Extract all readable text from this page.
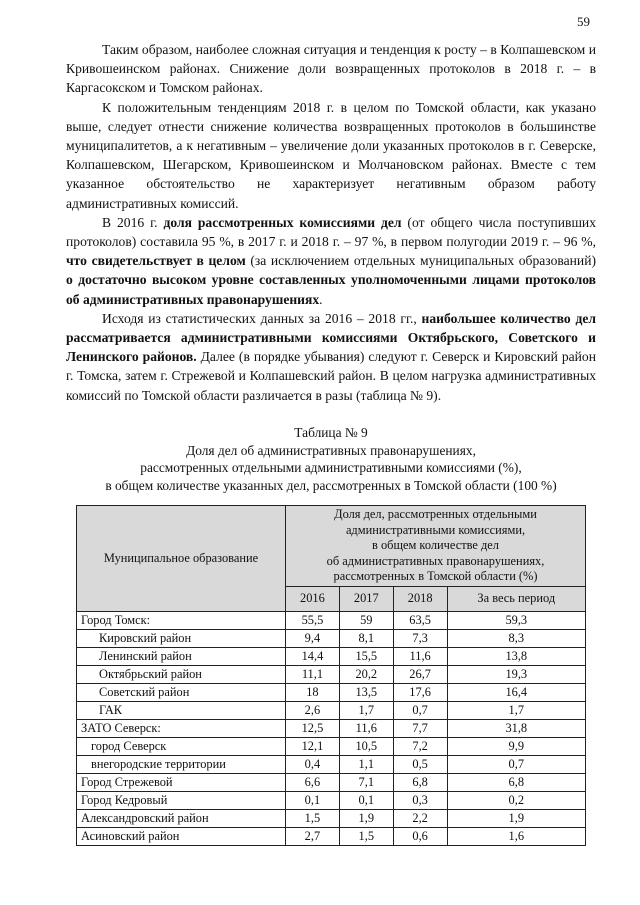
59

Таким образом, наиболее сложная ситуация и тенденция к росту – в Колпашевском и Кривошеинском районах. Снижение доли возвращенных протоколов в 2018 г. – в Каргасокском и Томском районах.

К положительным тенденциям 2018 г. в целом по Томской области, как указано выше, следует отнести снижение количества возвращенных протоколов в большинстве муниципалитетов, а к негативным – увеличение доли указанных протоколов в г. Северске, Колпашевском, Шегарском, Кривошеинском и Молчановском районах. Вместе с тем указанное обстоятельство не характеризует негативным образом работу административных комиссий.

В 2016 г. доля рассмотренных комиссиями дел (от общего числа поступивших протоколов) составила 95 %, в 2017 г. и 2018 г. – 97 %, в первом полугодии 2019 г. – 96 %, что свидетельствует в целом (за исключением отдельных муниципальных образований) о достаточно высоком уровне составленных уполномоченными лицами протоколов об административных правонарушениях.

Исходя из статистических данных за 2016 – 2018 гг., наибольшее количество дел рассматривается административными комиссиями Октябрьского, Советского и Ленинского районов. Далее (в порядке убывания) следуют г. Северск и Кировский район г. Томска, затем г. Стрежевой и Колпашевский район. В целом нагрузка административных комиссий по Томской области различается в разы (таблица № 9).

Таблица № 9
Доля дел об административных правонарушениях,
рассмотренных отдельными административными комиссиями (%),
в общем количестве указанных дел, рассмотренных в Томской области (100 %)
Муниципальное образование	Доля дел, рассмотренных отдельными
административными комиссиями,
в общем количестве дел
об административных правонарушениях,
рассмотренных в Томской области (%)			

	2016	2017	2018	За весь период
Город Томск:	55,5	59	63,5	59,3
Кировский район	9,4	8,1	7,3	8,3
Ленинский район	14,4	15,5	11,6	13,8
Октябрьский район	11,1	20,2	26,7	19,3
Советский район	18	13,5	17,6	16,4
ГАК	2,6	1,7	0,7	1,7
ЗАТО Северск:	12,5	11,6	7,7	31,8
город Северск	12,1	10,5	7,2	9,9
внегородские территории	0,4	1,1	0,5	0,7
Город Стрежевой	6,6	7,1	6,8	6,8
Город Кедровый	0,1	0,1	0,3	0,2
Александровский район	1,5	1,9	2,2	1,9
Асиновский район	2,7	1,5	0,6	1,6
